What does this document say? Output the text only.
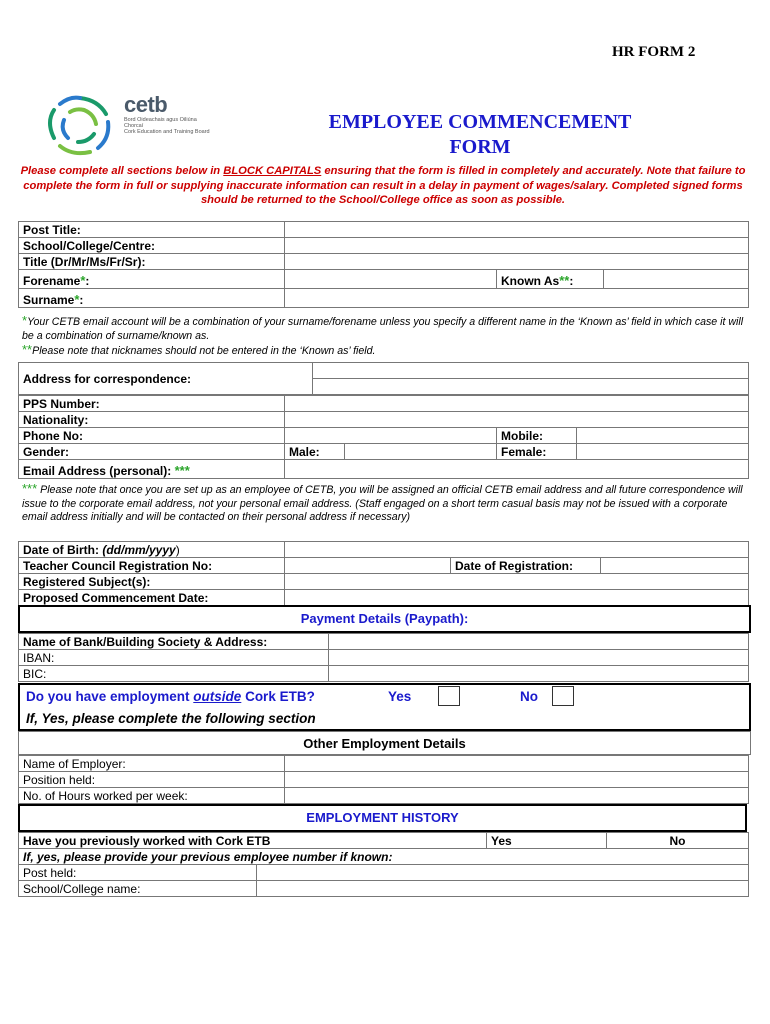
HR FORM 2
cetb
Bord Oideachais agus Oiliúna Chorcaí
Cork Education and Training Board	EMPLOYEE COMMENCEMENT
FORM
Please complete all sections below in BLOCK CAPITALS ensuring that the form is filled in completely and accurately. Note that failure to complete the form in full or supplying inaccurate information can result in a delay in payment of wages/salary. Completed signed forms should be returned to the School/College office as soon as possible.
Post Title:			
School/College/Centre:			
Title (Dr/Mr/Ms/Fr/Sr):			
Forename*:		Known As**:	
Surname*:			
*Your CETB email account will be a combination of your surname/forename unless you specify a different name in the ‘Known as’ field in which case it will be a combination of surname/known as.
**Please note that nicknames should not be entered in the ‘Known as’ field.
Address for correspondence:	

PPS Number:				
Nationality:				
Phone No:			Mobile:	
Gender:	Male:		Female:	
Email Address (personal): ***				
*** Please note that once you are set up as an employee of CETB, you will be assigned an official CETB email address and all future correspondence will issue to the corporate email address, not your personal email address. (Staff engaged on a short term casual basis may not be issued with a corporate email address initially and will be contacted on their personal address if necessary)
Date of Birth: (dd/mm/yyyy)			
Teacher Council Registration No:		Date of Registration:	
Registered Subject(s):			
Proposed Commencement Date:			
Payment Details (Paypath):
Name of Bank/Building Society & Address:	
IBAN:	
BIC:	
Do you have employment outside Cork ETB?	Yes	No
If, Yes, please complete the following section
Other Employment Details
Name of Employer:	
Position held:	
No. of Hours worked per week:	
EMPLOYMENT HISTORY
Have you previously worked with Cork ETB		Yes	No
If, yes, please provide your previous employee number if known:			
Post held:			
School/College name:			
